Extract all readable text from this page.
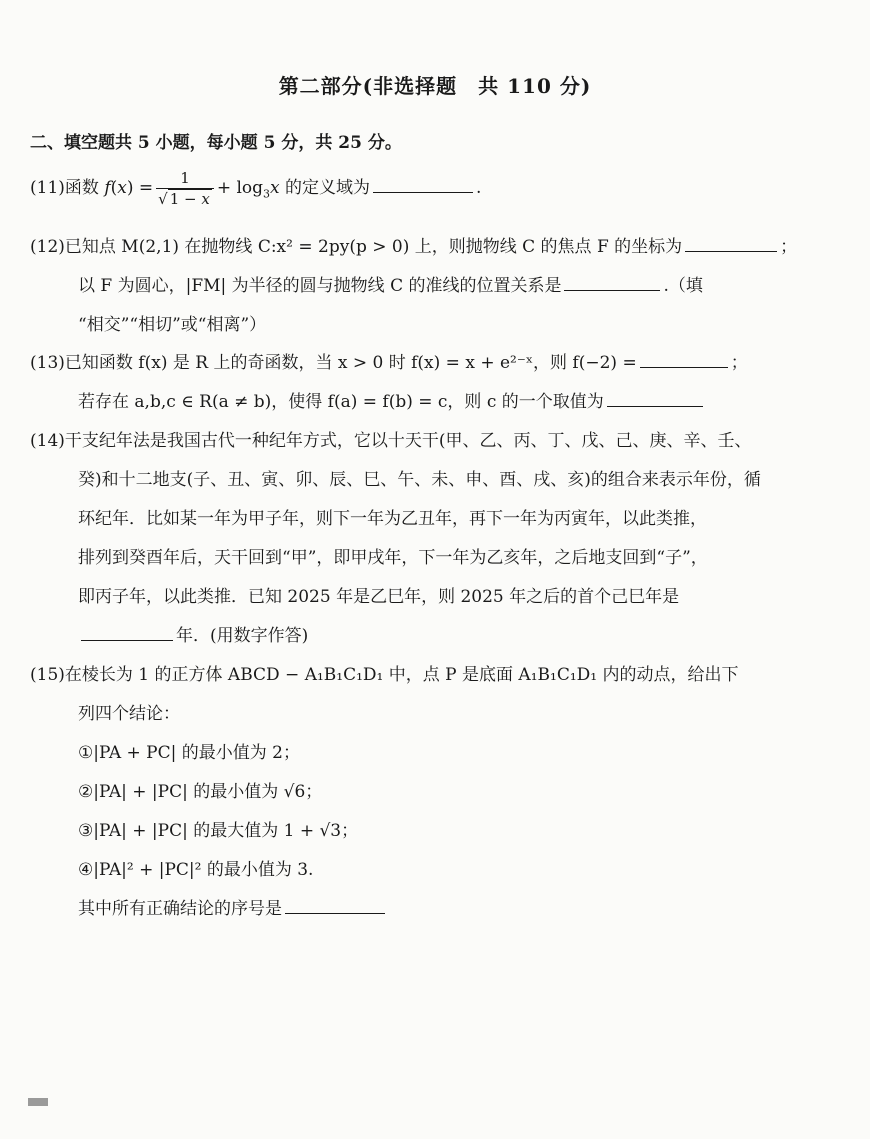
第二部分(非选择题　共 110 分)
二、填空题共 5 小题，每小题 5 分，共 25 分。
(11)函数 $f(x) = \frac{1}{√ 1 - x} + \log_3x$ 的定义域为	.
(12)已知点 M(2,1) 在抛物线 C:x² = 2py(p > 0) 上，则抛物线 C 的焦点 F 的坐标为	；
以 F 为圆心，|FM| 为半径的圆与抛物线 C 的准线的位置关系是	.（填
“相交”“相切”或“相离”）
(13)已知函数 f(x) 是 R 上的奇函数，当 x > 0 时 f(x) = x + e²⁻ˣ，则 f(−2) =	；
若存在 a,b,c ∈ R(a ≠ b)，使得 f(a) = f(b) = c，则 c 的一个取值为
(14)干支纪年法是我国古代一种纪年方式，它以十天干(甲、乙、丙、丁、戊、己、庚、辛、壬、
癸)和十二地支(子、丑、寅、卯、辰、巳、午、未、申、酉、戌、亥)的组合来表示年份，循
环纪年．比如某一年为甲子年，则下一年为乙丑年，再下一年为丙寅年，以此类推，
排列到癸酉年后，天干回到“甲”，即甲戌年，下一年为乙亥年，之后地支回到“子”，
即丙子年，以此类推．已知 2025 年是乙巳年，则 2025 年之后的首个己巳年是
年．(用数字作答)
(15)在棱长为 1 的正方体 ABCD − A₁B₁C₁D₁ 中，点 P 是底面 A₁B₁C₁D₁ 内的动点，给出下
列四个结论：
①|PA + PC| 的最小值为 2；
②|PA| + |PC| 的最小值为 √6；
③|PA| + |PC| 的最大值为 1 + √3；
④|PA|² + |PC|² 的最小值为 3.
其中所有正确结论的序号是
